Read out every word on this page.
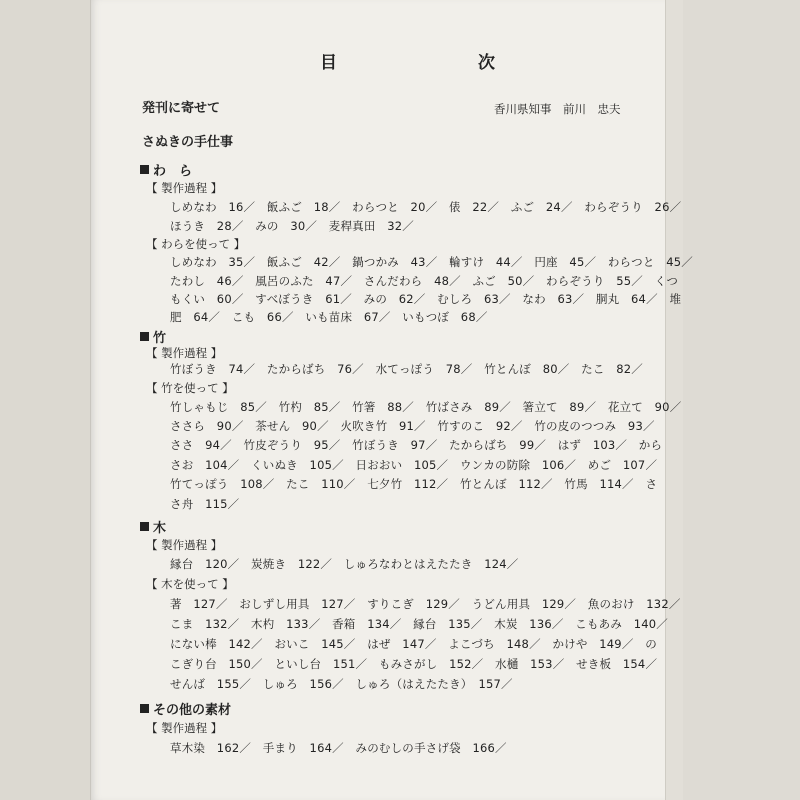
目　次
発刊に寄せて	香川県知事　前川　忠夫
さぬきの手仕事
わ　ら
【 製作過程 】
しめなわ　16／　飯ふご　18／　わらつと　20／　俵　22／　ふご　24／　わらぞうり　26／
ほうき　28／　みの　30／　麦稈真田　32／
【 わらを使って 】
しめなわ　35／　飯ふご　42／　鍋つかみ　43／　輪すけ　44／　円座　45／　わらつと　45／
たわし　46／　風呂のふた　47／　さんだわら　48／　ふご　50／　わらぞうり　55／　くつ
もくい　60／　すべぼうき　61／　みの　62／　むしろ　63／　なわ　63／　胴丸　64／　堆
肥　64／　こも　66／　いも苗床　67／　いもつぼ　68／
竹
【 製作過程 】
竹ぼうき　74／　たからばち　76／　水てっぽう　78／　竹とんぼ　80／　たこ　82／
【 竹を使って 】
竹しゃもじ　85／　竹杓　85／　竹箸　88／　竹ばさみ　89／　箸立て　89／　花立て　90／
ささら　90／　茶せん　90／　火吹き竹　91／　竹すのこ　92／　竹の皮のつつみ　93／
ささ　94／　竹皮ぞうり　95／　竹ぼうき　97／　たからばち　99／　はず　103／　から
さお　104／　くいぬき　105／　日おおい　105／　ウンカの防除　106／　めご　107／
竹てっぽう　108／　たこ　110／　七夕竹　112／　竹とんぼ　112／　竹馬　114／　さ
さ舟　115／
木
【 製作過程 】
縁台　120／　炭焼き　122／　しゅろなわとはえたたき　124／
【 木を使って 】
著　127／　おしずし用具　127／　すりこぎ　129／　うどん用具　129／　魚のおけ　132／
こま　132／　木杓　133／　香箱　134／　縁台　135／　木炭　136／　こもあみ　140／
にない棒　142／　おいこ　145／　はぜ　147／　よこづち　148／　かけや　149／　の
こぎり台　150／　といし台　151／　もみさがし　152／　水樋　153／　せき板　154／
せんば　155／　しゅろ　156／　しゅろ（はえたたき）　157／
その他の素材
【 製作過程 】
草木染　162／　手まり　164／　みのむしの手さげ袋　166／
